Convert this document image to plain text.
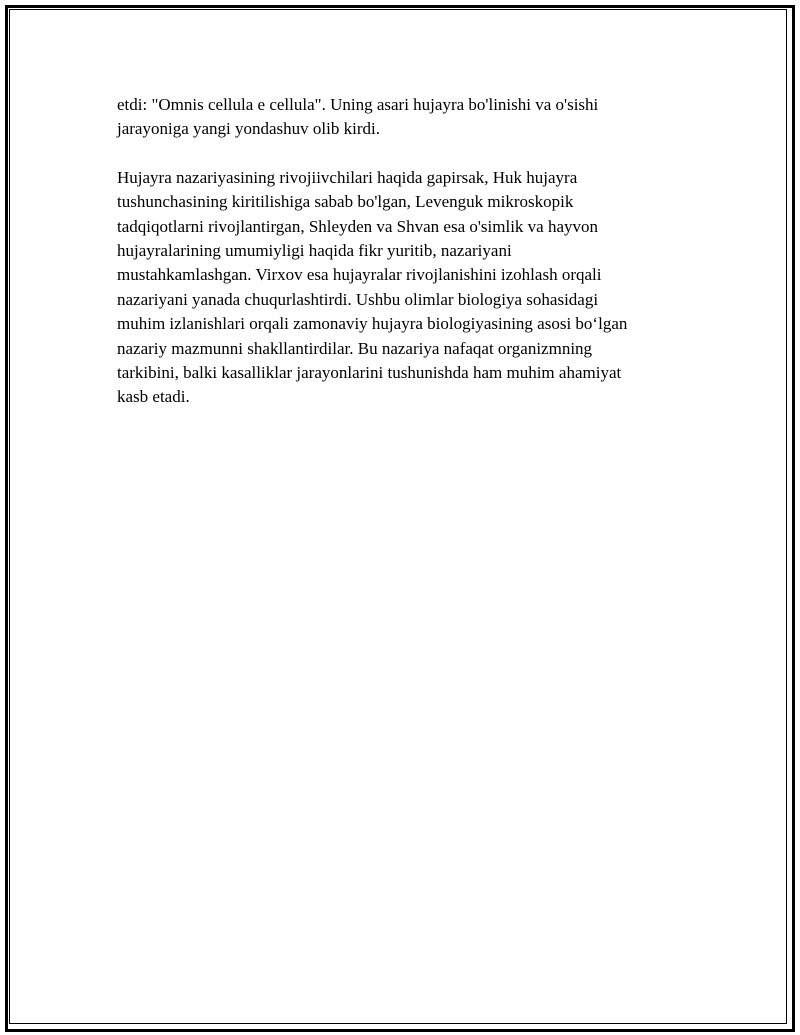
etdi: "Omnis cellula e cellula". Uning asari hujayra bo'linishi va o'sishi
jarayoniga yangi yondashuv olib kirdi.

Hujayra nazariyasining rivojiivchilari haqida gapirsak, Huk hujayra
tushunchasining kiritilishiga sabab bo'lgan, Levenguk mikroskopik
tadqiqotlarni rivojlantirgan, Shleyden va Shvan esa o'simlik va hayvon
hujayralarining umumiyligi haqida fikr yuritib, nazariyani
mustahkamlashgan. Virxov esa hujayralar rivojlanishini izohlash orqali
nazariyani yanada chuqurlashtirdi. Ushbu olimlar biologiya sohasidagi
muhim izlanishlari orqali zamonaviy hujayra biologiyasining asosi bo‘lgan
nazariy mazmunni shakllantirdilar. Bu nazariya nafaqat organizmning
tarkibini, balki kasalliklar jarayonlarini tushunishda ham muhim ahamiyat
kasb etadi.
